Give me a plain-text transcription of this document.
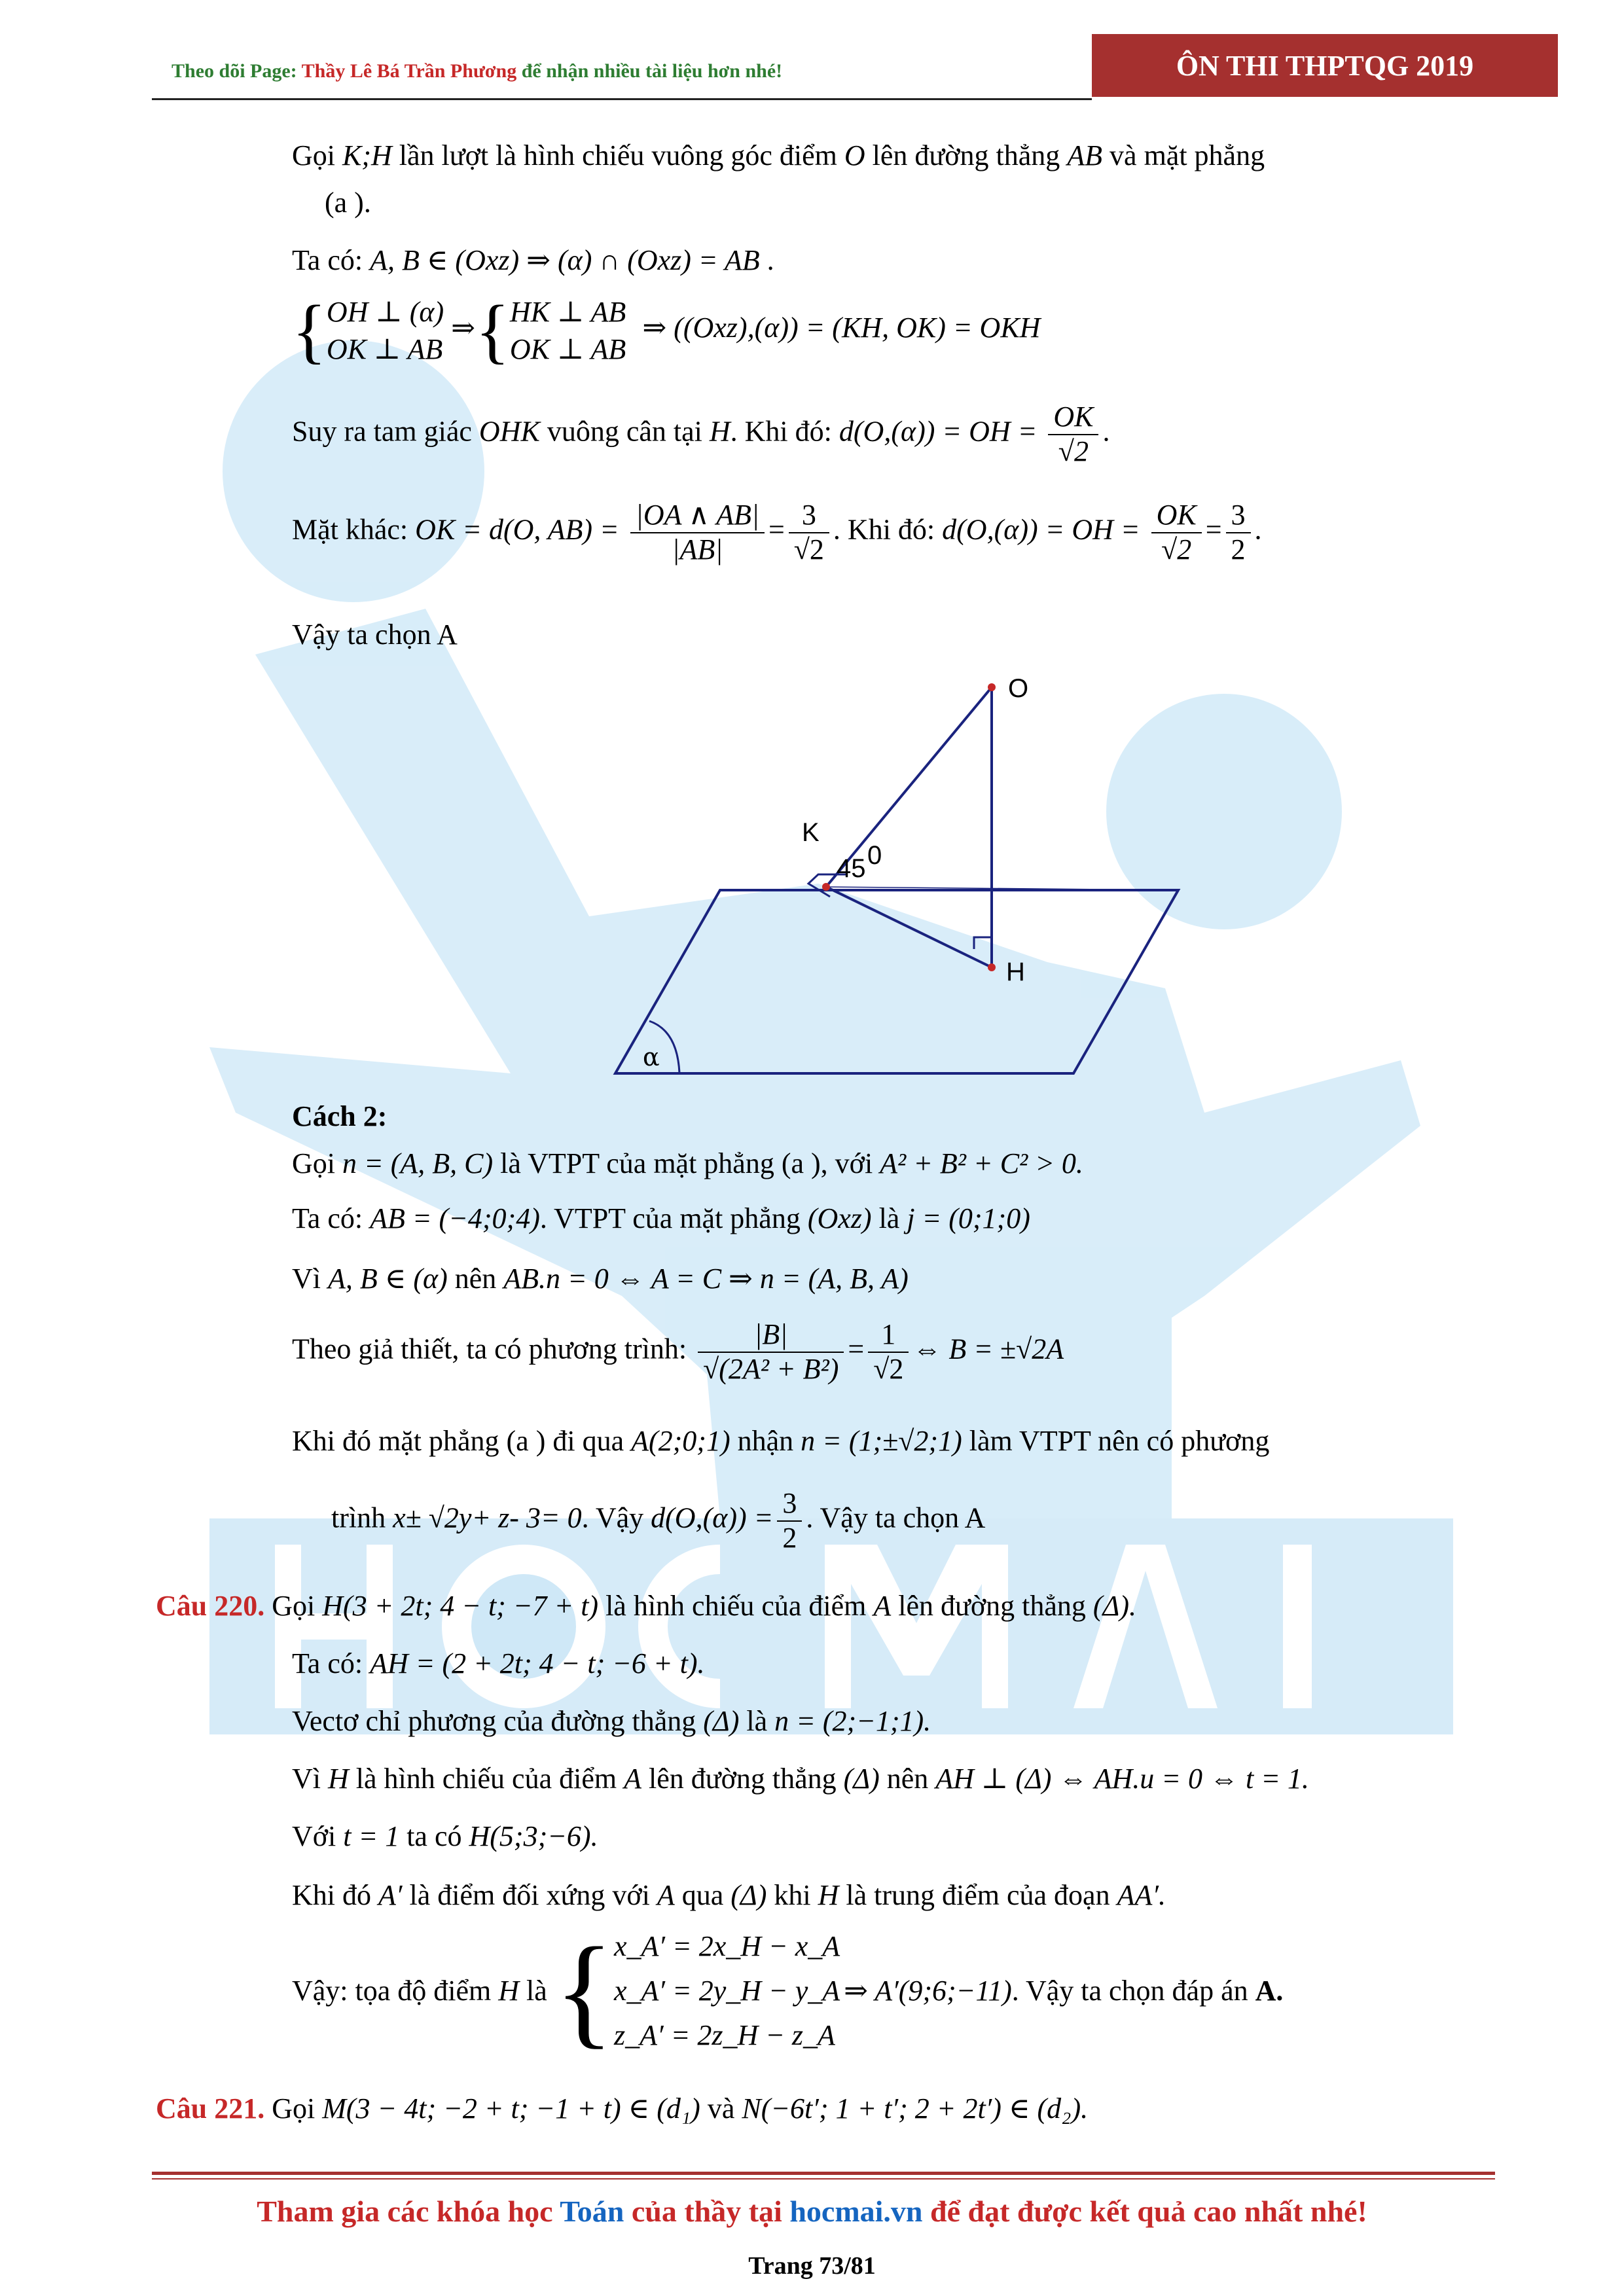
Theo dõi Page: Thầy Lê Bá Trần Phương để nhận nhiều tài liệu hơn nhé!	ÔN THI THPTQG 2019
Gọi K;H lần lượt là hình chiếu vuông góc điểm O lên đường thẳng AB và mặt phẳng
(a ).
Ta có: A, B ∈ (Oxz) ⇒ (α) ∩ (Oxz) = AB .
{OH ⊥ (α)
OK ⊥ AB ⇒{HK ⊥ AB
OK ⊥ AB ⇒ ((Oxz),(α)) = (KH, OK) = OKH
Suy ra tam giác OHK vuông cân tại H. Khi đó: d(O,(α)) = OH = $\frac{OK}{√2}$ .
Mặt khác: OK = d(O, $AB) = \frac{|OA \wedge AB|}{|AB|} = \frac{3}{√2}$ . Khi đó: d(O,(α)) = OH = $\frac{OK}{√2} = \frac{3}{2}$ .
Vậy ta chọn A
O
K
H
45 0
α
Cách 2:
Gọi n = (A, B, C) là VTPT của mặt phẳng (a ), với A² + B² + C² > 0.
Ta có: AB = (−4;0;4). VTPT của mặt phẳng (Oxz) là j = (0;1;0)
Vì A, B ∈ (α) nên AB.n = 0 ⇔ A = C ⇒ n = (A, B, A)
Theo giả thiết, ta có phương trình: $\frac{|B|}{\text{√(2A² + B²)}} = \frac{1}{√2}$ ⇔ B = ±√2A
Khi đó mặt phẳng (a ) đi qua A(2;0;1) nhận n = (1;±√2;1) làm VTPT nên có phương
trình x± √2y+ z- 3= 0. Vậy $d(O,(\alpha)) = \frac{3}{2}$ . Vậy ta chọn A
Câu 220. Gọi H(3 + 2t; 4 − t; −7 + t) là hình chiếu của điểm A lên đường thẳng (Δ).
Ta có: AH = (2 + 2t; 4 − t; −6 + t).
Vectơ chỉ phương của đường thẳng (Δ) là n = (2;−1;1).
Vì H là hình chiếu của điểm A lên đường thẳng (Δ) nên AH ⊥ (Δ) ⇔ AH.u = 0 ⇔ t = 1.
Với t = 1 ta có H(5;3;−6).
Khi đó A′ là điểm đối xứng với A qua (Δ) khi H là trung điểm của đoạn AA′.
Vậy: tọa độ điểm H là {x_A′ = 2x_H − x_A
x_A′ = 2y_H − y_A
z_A′ = 2z_H − z_A⇒ A′(9;6;−11). Vậy ta chọn đáp án A.
Câu 221. Gọi M(3 − 4t; −2 + t; −1 + t) ∈ (d₁) và N(−6t′; 1 + t′; 2 + 2t′) ∈ (d₂).
Tham gia các khóa học Toán của thầy tại hocmai.vn để đạt được kết quả cao nhất nhé!
Trang 73/81
